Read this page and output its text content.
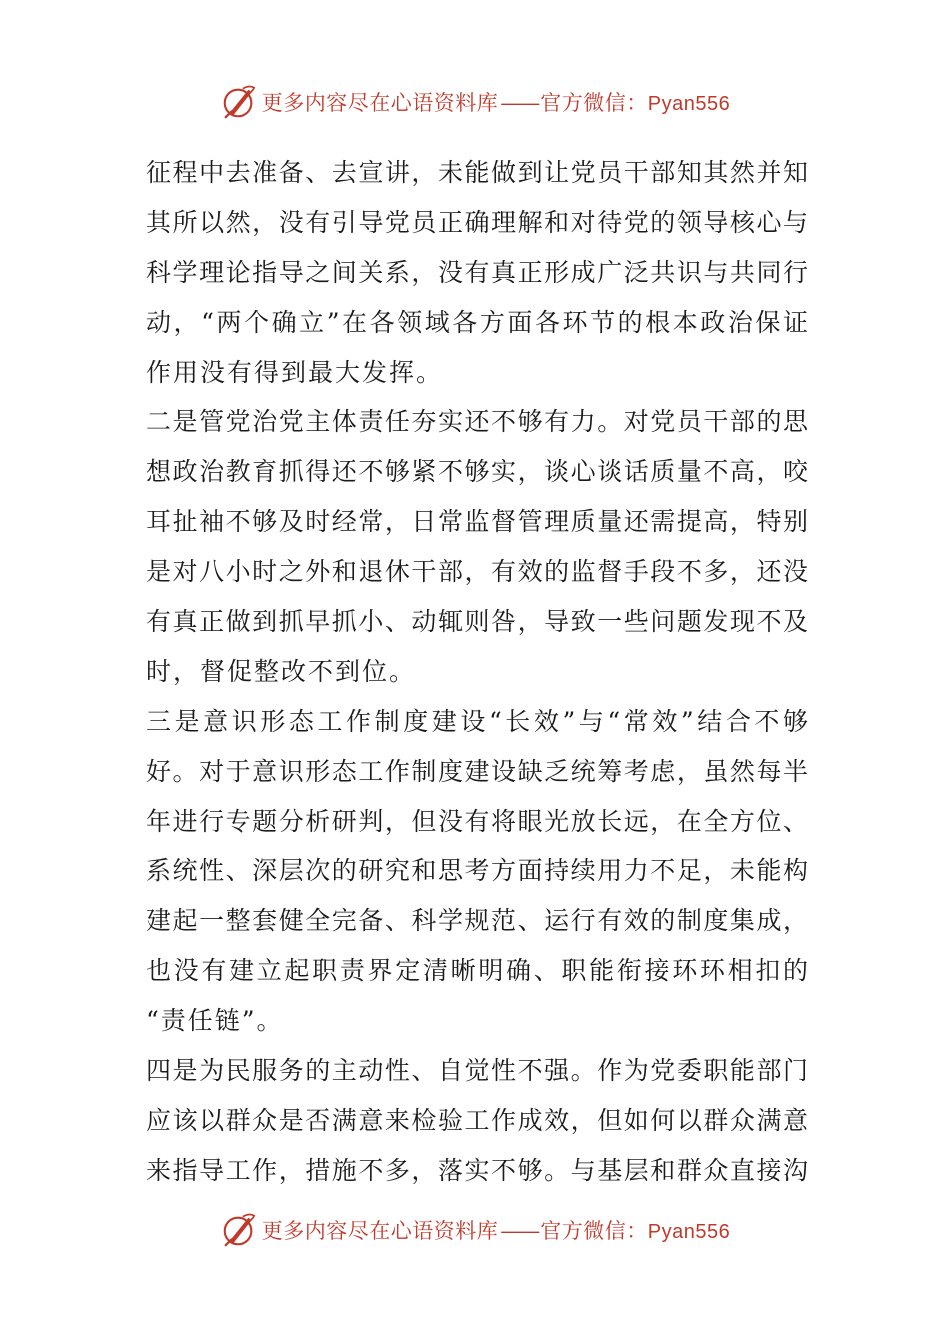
更多内容尽在心语资料库——官方微信：Pyan556
征程中去准备、去宣讲，未能做到让党员干部知其然并知
其所以然，没有引导党员正确理解和对待党的领导核心与
科学理论指导之间关系，没有真正形成广泛共识与共同行
动，“两个确立”在各领域各方面各环节的根本政治保证
作用没有得到最大发挥。
二是管党治党主体责任夯实还不够有力。对党员干部的思
想政治教育抓得还不够紧不够实，谈心谈话质量不高，咬
耳扯袖不够及时经常，日常监督管理质量还需提高，特别
是对八小时之外和退休干部，有效的监督手段不多，还没
有真正做到抓早抓小、动辄则咎，导致一些问题发现不及
时，督促整改不到位。
三是意识形态工作制度建设“长效”与“常效”结合不够
好。对于意识形态工作制度建设缺乏统筹考虑，虽然每半
年进行专题分析研判，但没有将眼光放长远，在全方位、
系统性、深层次的研究和思考方面持续用力不足，未能构
建起一整套健全完备、科学规范、运行有效的制度集成，
也没有建立起职责界定清晰明确、职能衔接环环相扣的
“责任链”。
四是为民服务的主动性、自觉性不强。作为党委职能部门
应该以群众是否满意来检验工作成效，但如何以群众满意
来指导工作，措施不多，落实不够。与基层和群众直接沟
更多内容尽在心语资料库——官方微信：Pyan556
